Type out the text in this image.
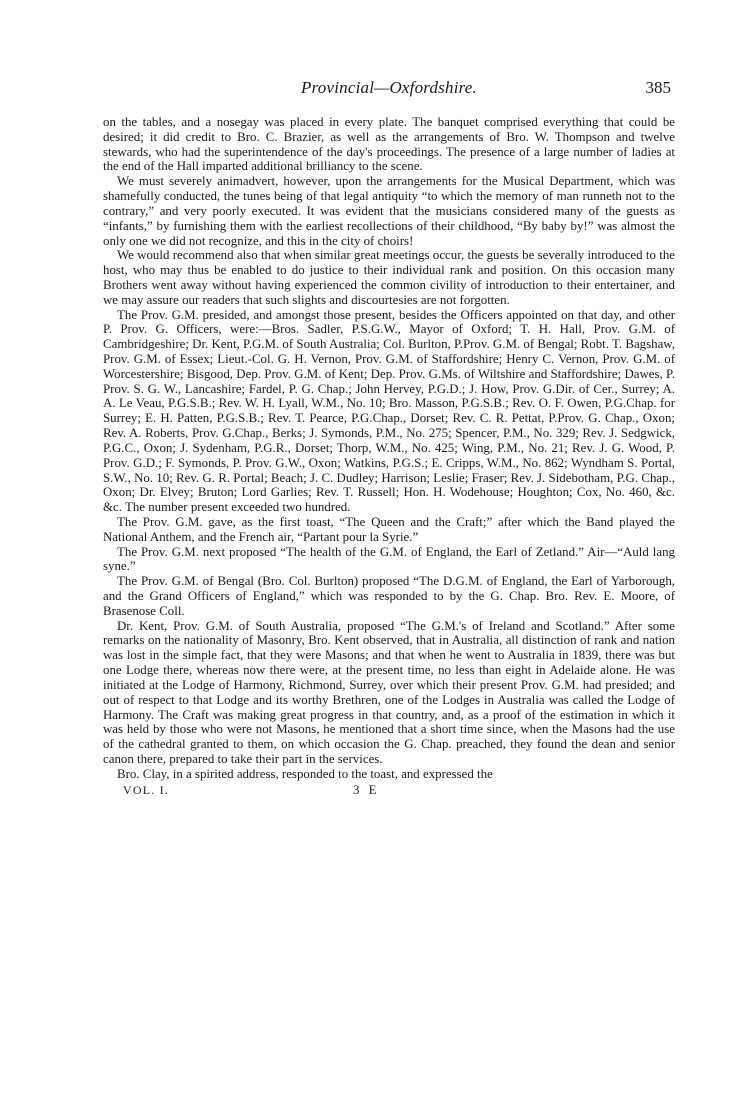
Provincial—Oxfordshire.	385

on the tables, and a nosegay was placed in every plate. The banquet comprised everything that could be desired; it did credit to Bro. C. Brazier, as well as the arrangements of Bro. W. Thompson and twelve stewards, who had the superintendence of the day's proceedings. The presence of a large number of ladies at the end of the Hall imparted additional brilliancy to the scene.

We must severely animadvert, however, upon the arrangements for the Musical Department, which was shamefully conducted, the tunes being of that legal antiquity “to which the memory of man runneth not to the contrary,” and very poorly executed. It was evident that the musicians considered many of the guests as “infants,” by furnishing them with the earliest recollections of their childhood, “By baby by!” was almost the only one we did not recognize, and this in the city of choirs!

We would recommend also that when similar great meetings occur, the guests be severally introduced to the host, who may thus be enabled to do justice to their individual rank and position. On this occasion many Brothers went away without having experienced the common civility of introduction to their entertainer, and we may assure our readers that such slights and discourtesies are not forgotten.

The Prov. G.M. presided, and amongst those present, besides the Officers appointed on that day, and other P. Prov. G. Officers, were:—Bros. Sadler, P.S.G.W., Mayor of Oxford; T. H. Hall, Prov. G.M. of Cambridgeshire; Dr. Kent, P.G.M. of South Australia; Col. Burlton, P.Prov. G.M. of Bengal; Robt. T. Bagshaw, Prov. G.M. of Essex; Lieut.-Col. G. H. Vernon, Prov. G.M. of Staffordshire; Henry C. Vernon, Prov. G.M. of Worcestershire; Bisgood, Dep. Prov. G.M. of Kent; Dep. Prov. G.Ms. of Wiltshire and Staffordshire; Dawes, P. Prov. S. G. W., Lancashire; Fardel, P. G. Chap.; John Hervey, P.G.D.; J. How, Prov. G.Dir. of Cer., Surrey; A. A. Le Veau, P.G.S.B.; Rev. W. H. Lyall, W.M., No. 10; Bro. Masson, P.G.S.B.; Rev. O. F. Owen, P.G.Chap. for Surrey; E. H. Patten, P.G.S.B.; Rev. T. Pearce, P.G.Chap., Dorset; Rev. C. R. Pettat, P.Prov. G. Chap., Oxon; Rev. A. Roberts, Prov. G.Chap., Berks; J. Symonds, P.M., No. 275; Spencer, P.M., No. 329; Rev. J. Sedgwick, P.G.C., Oxon; J. Sydenham, P.G.R., Dorset; Thorp, W.M., No. 425; Wing, P.M., No. 21; Rev. J. G. Wood, P. Prov. G.D.; F. Symonds, P. Prov. G.W., Oxon; Watkins, P.G.S.; E. Cripps, W.M., No. 862; Wyndham S. Portal, S.W., No. 10; Rev. G. R. Portal; Beach; J. C. Dudley; Harrison; Leslie; Fraser; Rev. J. Sidebotham, P.G. Chap., Oxon; Dr. Elvey; Bruton; Lord Garlies; Rev. T. Russell; Hon. H. Wodehouse; Houghton; Cox, No. 460, &c. &c. The number present exceeded two hundred.

The Prov. G.M. gave, as the first toast, “The Queen and the Craft;” after which the Band played the National Anthem, and the French air, “Partant pour la Syrie.”

The Prov. G.M. next proposed “The health of the G.M. of England, the Earl of Zetland.” Air—“Auld lang syne.”

The Prov. G.M. of Bengal (Bro. Col. Burlton) proposed “The D.G.M. of England, the Earl of Yarborough, and the Grand Officers of England,” which was responded to by the G. Chap. Bro. Rev. E. Moore, of Brasenose Coll.

Dr. Kent, Prov. G.M. of South Australia, proposed “The G.M.'s of Ireland and Scotland.” After some remarks on the nationality of Masonry, Bro. Kent observed, that in Australia, all distinction of rank and nation was lost in the simple fact, that they were Masons; and that when he went to Australia in 1839, there was but one Lodge there, whereas now there were, at the present time, no less than eight in Adelaide alone. He was initiated at the Lodge of Harmony, Richmond, Surrey, over which their present Prov. G.M. had presided; and out of respect to that Lodge and its worthy Brethren, one of the Lodges in Australia was called the Lodge of Harmony. The Craft was making great progress in that country, and, as a proof of the estimation in which it was held by those who were not Masons, he mentioned that a short time since, when the Masons had the use of the cathedral granted to them, on which occasion the G. Chap. preached, they found the dean and senior canon there, prepared to take their part in the services.

Bro. Clay, in a spirited address, responded to the toast, and expressed the

VOL. I.	3 E
